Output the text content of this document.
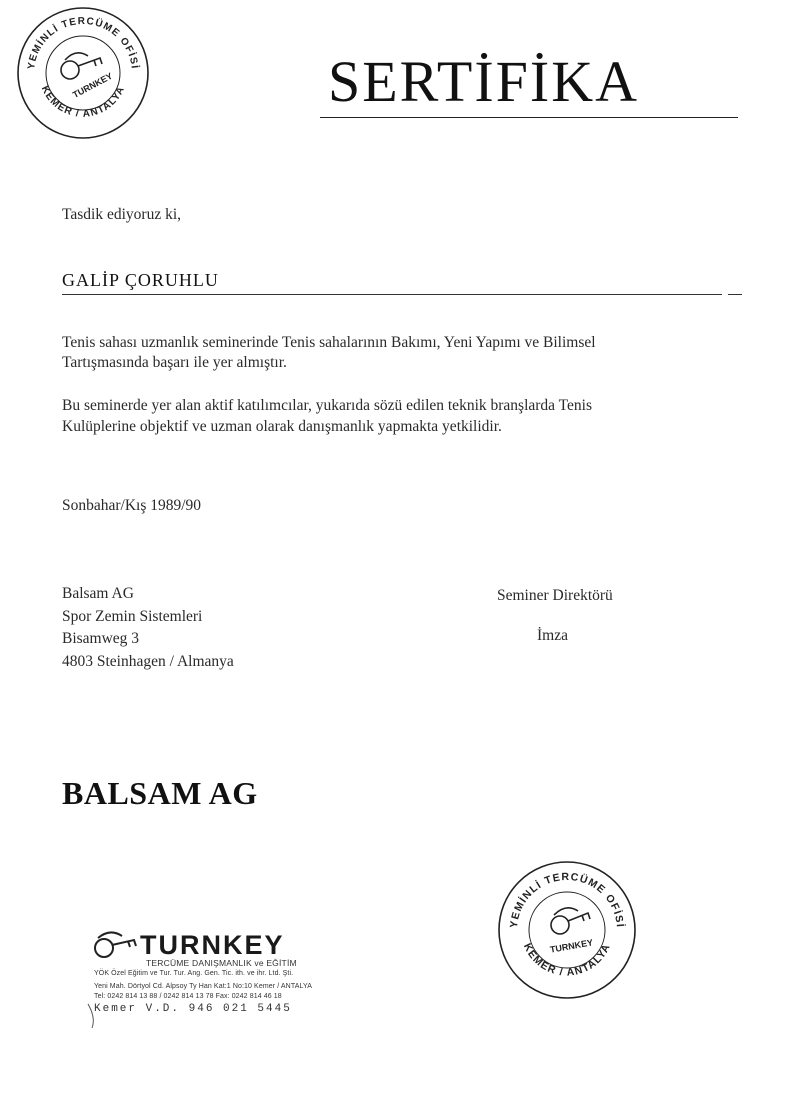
SERTİFİKA
YEMİNLİ TERCÜME OFİSİ
KEMER / ANTALYA
TURNKEY
Tasdik ediyoruz ki,
GALİP ÇORUHLU
Tenis sahası uzmanlık seminerinde Tenis sahalarının Bakımı, Yeni Yapımı ve Bilimsel
Tartışmasında başarı ile yer almıştır.
Bu seminerde yer alan aktif katılımcılar, yukarıda sözü edilen teknik branşlarda Tenis
Kulüplerine objektif ve uzman olarak danışmanlık yapmakta yetkilidir.
Sonbahar/Kış 1989/90
Balsam AG
Spor Zemin Sistemleri
Bisamweg 3
4803 Steinhagen / Almanya
Seminer Direktörü
İmza
BALSAM AG
YEMİNLİ TERCÜME OFİSİ
KEMER / ANTALYA
TURNKEY
TURNKEY
TERCÜME DANIŞMANLIK ve EĞİTİM
YÖK Özel Eğitim ve Tur. Tur. Ang. Gen. Tic. ith. ve ihr. Ltd. Şti.
Yeni Mah. Dörtyol Cd. Alpsoy Ty Han Kat:1 No:10 Kemer / ANTALYA
Tel: 0242 814 13 88 / 0242 814 13 78 Fax: 0242 814 46 18
Kemer V.D. 946 021 5445
